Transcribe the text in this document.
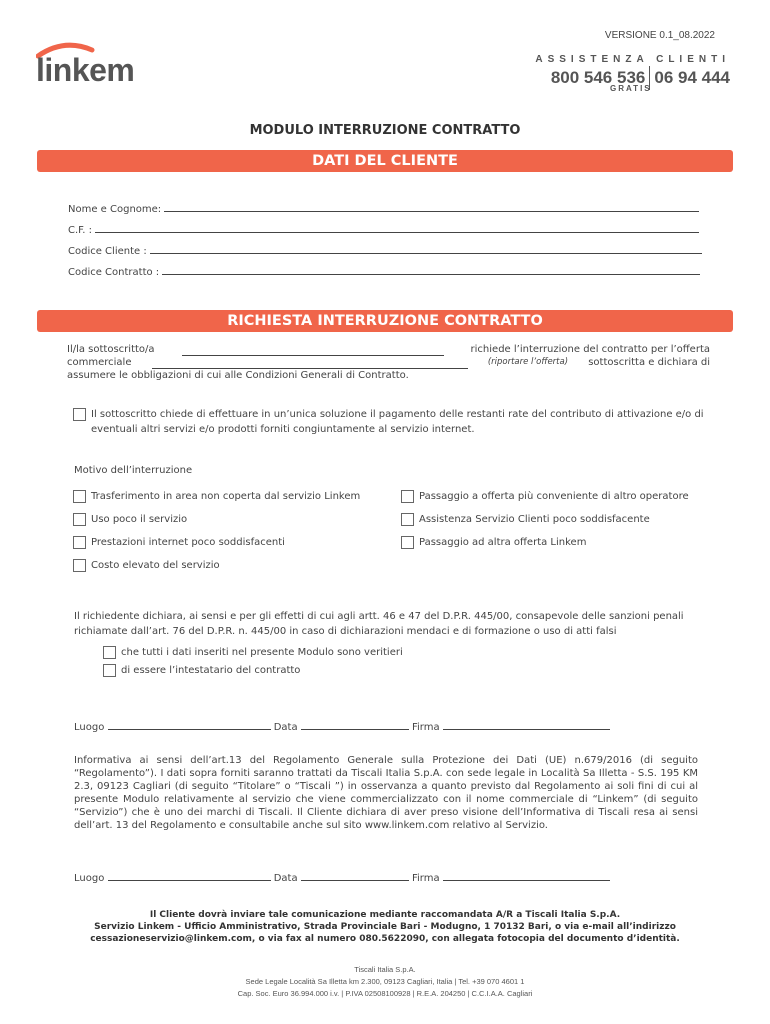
VERSIONE 0.1_08.2022
linkem	ASSISTENZA CLIENTI
800 546 536 06 94 444
GRATIS
MODULO INTERRUZIONE CONTRATTO
DATI DEL CLIENTE
Nome e Cognome:
C.F. :
Codice Cliente :
Codice Contratto :
RICHIESTA INTERRUZIONE CONTRATTO
Il/la sottoscritto/a	richiede l’interruzione del contratto per l’offerta
commerciale	(riportare l’offerta) sottoscritta e dichiara di
assumere le obbligazioni di cui alle Condizioni Generali di Contratto.
Il sottoscritto chiede di effettuare in un’unica soluzione il pagamento delle restanti rate del contributo di attivazione e/o di eventuali altri servizi e/o prodotti forniti congiuntamente al servizio internet.
Motivo dell’interruzione
Trasferimento in area non coperta dal servizio Linkem
Uso poco il servizio
Prestazioni internet poco soddisfacenti
Costo elevato del servizio
Passaggio a offerta più conveniente di altro operatore
Assistenza Servizio Clienti poco soddisfacente
Passaggio ad altra offerta Linkem
Il richiedente dichiara, ai sensi e per gli effetti di cui agli artt. 46 e 47 del D.P.R. 445/00, consapevole delle sanzioni penali richiamate dall’art. 76 del D.P.R. n. 445/00 in caso di dichiarazioni mendaci e di formazione o uso di atti falsi
che tutti i dati inseriti nel presente Modulo sono veritieri
di essere l’intestatario del contratto
Luogo	Data	Firma
Informativa ai sensi dell’art.13 del Regolamento Generale sulla Protezione dei Dati (UE) n.679/2016 (di seguito “Regolamento”). I dati sopra forniti saranno trattati da Tiscali Italia S.p.A. con sede legale in Località Sa Illetta - S.S. 195 KM 2.3, 09123 Cagliari (di seguito “Titolare” o “Tiscali ”) in osservanza a quanto previsto dal Regolamento ai soli fini di cui al presente Modulo relativamente al servizio che viene commercializzato con il nome commerciale di “Linkem” (di seguito “Servizio”) che è uno dei marchi di Tiscali. Il Cliente dichiara di aver preso visione dell’Informativa di Tiscali resa ai sensi dell’art. 13 del Regolamento e consultabile anche sul sito www.linkem.com relativo al Servizio.
Luogo	Data	Firma
Il Cliente dovrà inviare tale comunicazione mediante raccomandata A/R a Tiscali Italia S.p.A.
Servizio Linkem - Ufficio Amministrativo, Strada Provinciale Bari - Modugno, 1 70132 Bari, o via e-mail all’indirizzo
cessazioneservizio@linkem.com, o via fax al numero 080.5622090, con allegata fotocopia del documento d’identità.
Tiscali Italia S.p.A.
Sede Legale Località Sa Illetta km 2.300, 09123 Cagliari, Italia | Tel. +39 070 4601 1
Cap. Soc. Euro 36.994.000 i.v. | P.IVA 02508100928 | R.E.A. 204250 | C.C.I.A.A. Cagliari
